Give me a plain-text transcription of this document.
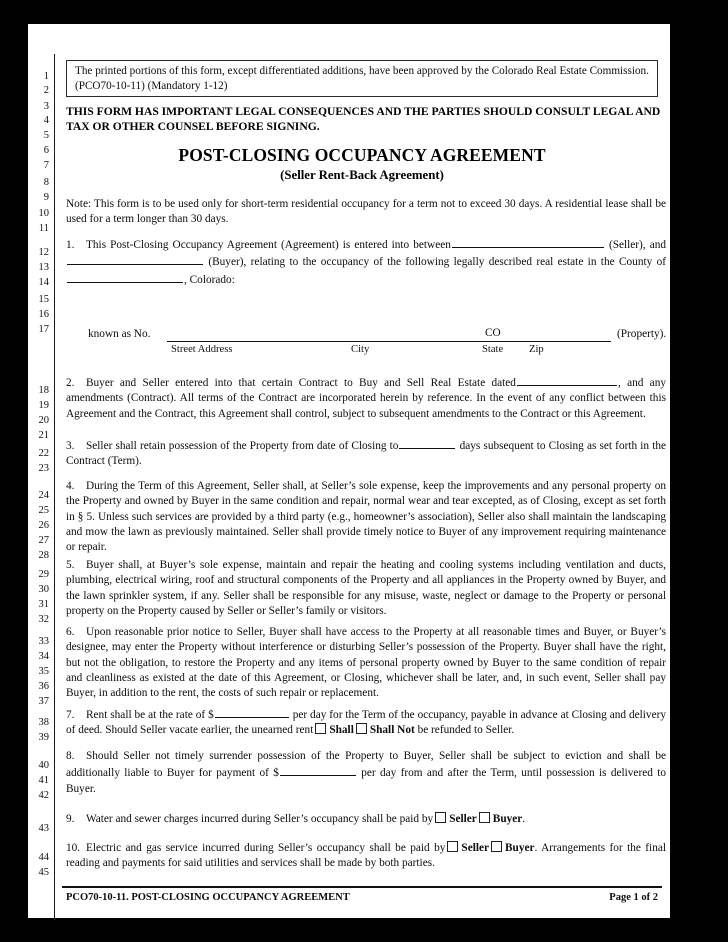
1
2
3
4
5
6
7
8
9
10
11
12
13
14
15
16
17
18
19
20
21
22
23
24
25
26
27
28
29
30
31
32
33
34
35
36
37
38
39
40
41
42
43
44
45

The printed portions of this form, except differentiated additions, have been approved by the Colorado Real Estate Commission. (PCO70-10-11) (Mandatory 1-12)

THIS FORM HAS IMPORTANT LEGAL CONSEQUENCES AND THE PARTIES SHOULD CONSULT LEGAL AND TAX OR OTHER COUNSEL BEFORE SIGNING.
POST-CLOSING OCCUPANCY AGREEMENT
(Seller Rent-Back Agreement)
Note: This form is to be used only for short-term residential occupancy for a term not to exceed 30 days. A residential lease shall be used for a term longer than 30 days.
1. This Post-Closing Occupancy Agreement (Agreement) is entered into between	(Seller), and (Buyer), relating to the occupancy of the following legally described real estate in the County of, Colorado:
known as No.	CO	(Property).
Street Address	City	State Zip
2. Buyer and Seller entered into that certain Contract to Buy and Sell Real Estate dated	, and any amendments (Contract). All terms of the Contract are incorporated herein by reference. In the event of any conflict between this Agreement and the Contract, this Agreement shall control, subject to subsequent amendments to the Contract or this Agreement.
3. Seller shall retain possession of the Property from date of Closing to	days subsequent to Closing as set forth in the Contract (Term).
4. During the Term of this Agreement, Seller shall, at Seller’s sole expense, keep the improvements and any personal property on the Property and owned by Buyer in the same condition and repair, normal wear and tear excepted, as of Closing, except as set forth in § 5. Unless such services are provided by a third party (e.g., homeowner’s association), Seller also shall maintain the landscaping and mow the lawn as previously maintained. Seller shall provide timely notice to Buyer of any improvement requiring maintenance or repair.
5. Buyer shall, at Buyer’s sole expense, maintain and repair the heating and cooling systems including ventilation and ducts, plumbing, electrical wiring, roof and structural components of the Property and all appliances in the Property owned by Buyer, and the lawn sprinkler system, if any. Seller shall be responsible for any misuse, waste, neglect or damage to the Property or personal property on the Property caused by Seller or Seller’s family or visitors.
6. Upon reasonable prior notice to Seller, Buyer shall have access to the Property at all reasonable times and Buyer, or Buyer’s designee, may enter the Property without interference or disturbing Seller’s possession of the Property. Buyer shall have the right, but not the obligation, to restore the Property and any items of personal property owned by Buyer to the same condition of repair and cleanliness as existed at the date of this Agreement, or Closing, whichever shall be later, and, in such event, Seller shall pay Buyer, in addition to the rent, the costs of such repair or replacement.
7. Rent shall be at the rate of $	per day for the Term of the occupancy, payable in advance at Closing and delivery of deed. Should Seller vacate earlier, the unearned rent Shall Shall Not be refunded to Seller.
8. Should Seller not timely surrender possession of the Property to Buyer, Seller shall be subject to eviction and shall be additionally liable to Buyer for payment of $	per day from and after the Term, until possession is delivered to Buyer.
9. Water and sewer charges incurred during Seller’s occupancy shall be paid by Seller Buyer.
10. Electric and gas service incurred during Seller’s occupancy shall be paid by Seller Buyer. Arrangements for the final reading and payments for said utilities and services shall be made by both parties.
PCO70-10-11. POST-CLOSING OCCUPANCY AGREEMENT	Page 1 of 2
